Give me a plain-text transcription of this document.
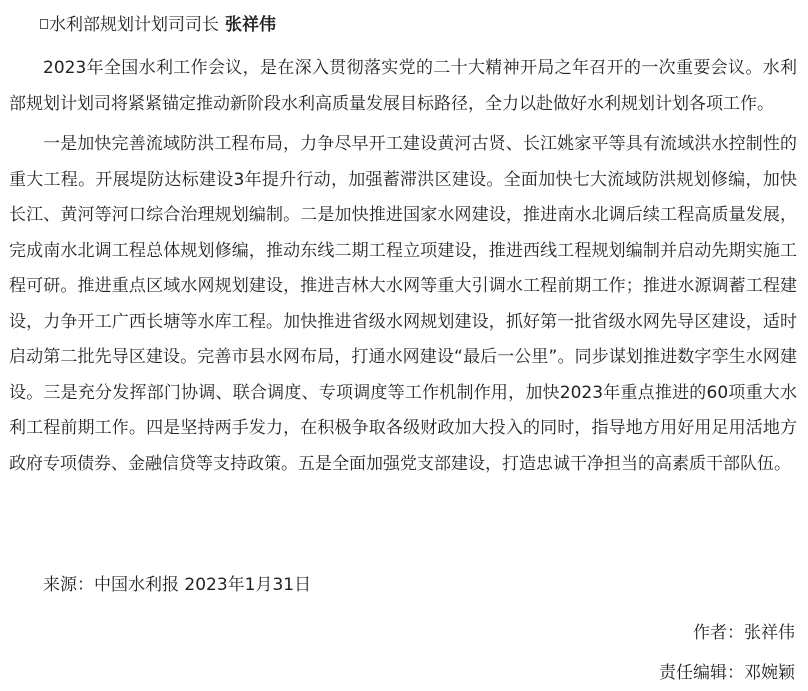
水利部规划计划司司长 张祥伟

2023年全国水利工作会议，是在深入贯彻落实党的二十大精神开局之年召开的一次重要会议。水利部规划计划司将紧紧锚定推动新阶段水利高质量发展目标路径，全力以赴做好水利规划计划各项工作。

一是加快完善流域防洪工程布局，力争尽早开工建设黄河古贤、长江姚家平等具有流域洪水控制性的重大工程。开展堤防达标建设3年提升行动，加强蓄滞洪区建设。全面加快七大流域防洪规划修编，加快长江、黄河等河口综合治理规划编制。二是加快推进国家水网建设，推进南水北调后续工程高质量发展，完成南水北调工程总体规划修编，推动东线二期工程立项建设，推进西线工程规划编制并启动先期实施工程可研。推进重点区域水网规划建设，推进吉林大水网等重大引调水工程前期工作；推进水源调蓄工程建设，力争开工广西长塘等水库工程。加快推进省级水网规划建设，抓好第一批省级水网先导区建设，适时启动第二批先导区建设。完善市县水网布局，打通水网建设“最后一公里”。同步谋划推进数字孪生水网建设。三是充分发挥部门协调、联合调度、专项调度等工作机制作用，加快2023年重点推进的60项重大水利工程前期工作。四是坚持两手发力，在积极争取各级财政加大投入的同时，指导地方用好用足用活地方政府专项债券、金融信贷等支持政策。五是全面加强党支部建设，打造忠诚干净担当的高素质干部队伍。

来源：中国水利报 2023年1月31日
作者：张祥伟
责任编辑：邓婉颖
